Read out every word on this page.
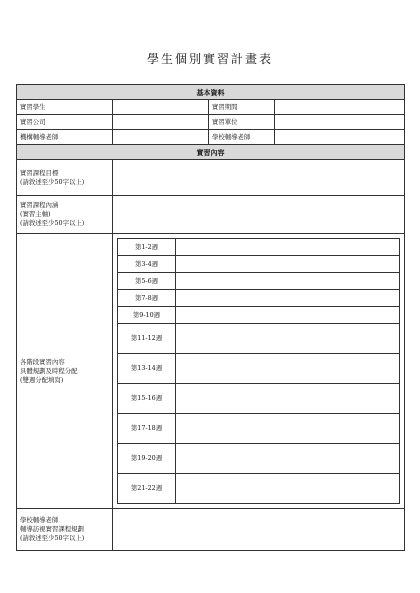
學生個別實習計畫表
基本資料
實習學生		實習期間	
實習公司		實習單位	
機構輔導老師		學校輔導老師	
實習內容

實習課程目標
(請敘述至少50字以上)

實習課程內涵
(實習主軸)
(請敘述至少50字以上)

各階段實習內容
具體規劃及時程分配
(雙週分配填寫)

第1-2週	
第3-4週	
第5-6週	
第7-8週	
第9-10週	
第11-12週	
第13-14週	
第15-16週	
第17-18週	
第19-20週	
第21-22週	

學校輔導老師
輔導訪視實習課程規劃
(請敘述至少50字以上)
